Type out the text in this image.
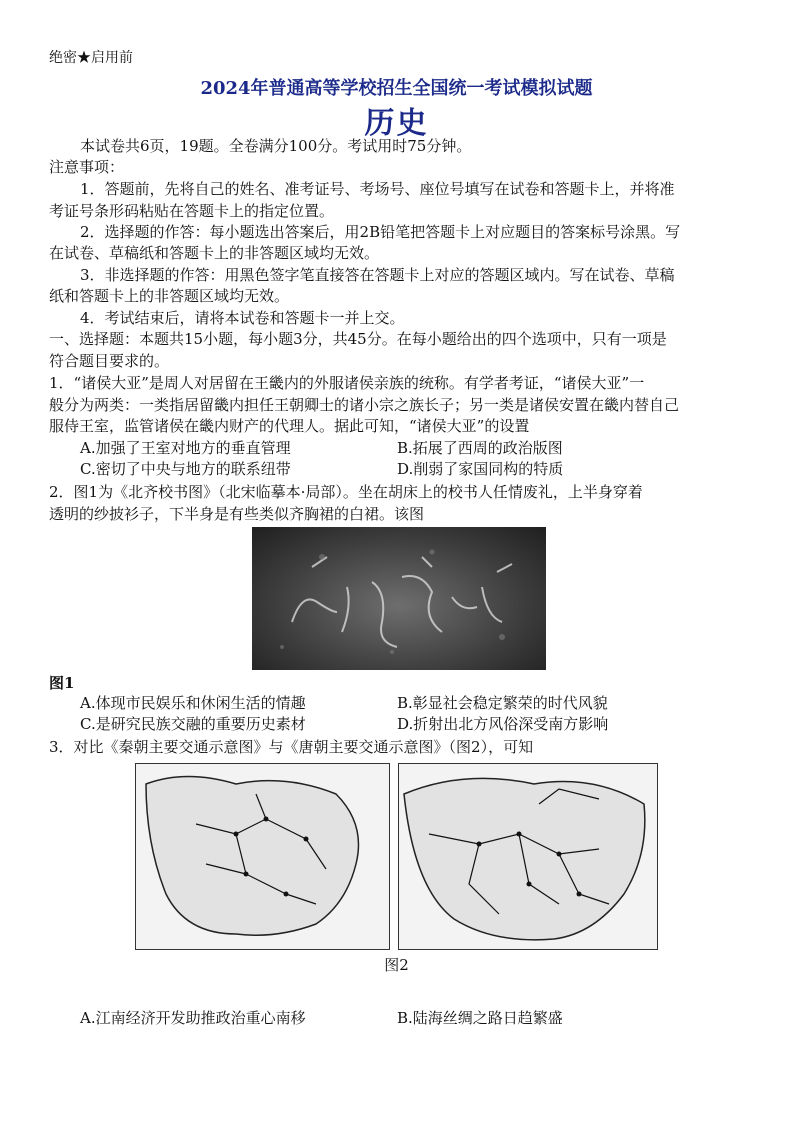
绝密★启用前
2024年普通高等学校招生全国统一考试模拟试题
历史
本试卷共6页，19题。全卷满分100分。考试用时75分钟。
注意事项：
1．答题前，先将自己的姓名、准考证号、考场号、座位号填写在试卷和答题卡上，并将准
考证号条形码粘贴在答题卡上的指定位置。
2．选择题的作答：每小题选出答案后，用2B铅笔把答题卡上对应题目的答案标号涂黑。写
在试卷、草稿纸和答题卡上的非答题区域均无效。
3．非选择题的作答：用黑色签字笔直接答在答题卡上对应的答题区域内。写在试卷、草稿
纸和答题卡上的非答题区域均无效。
4．考试结束后，请将本试卷和答题卡一并上交。
一、选择题：本题共15小题，每小题3分，共45分。在每小题给出的四个选项中，只有一项是
符合题目要求的。
1．“诸侯大亚”是周人对居留在王畿内的外服诸侯亲族的统称。有学者考证，“诸侯大亚”一
般分为两类：一类指居留畿内担任王朝卿士的诸小宗之族长子；另一类是诸侯安置在畿内替自己
服侍王室，监管诸侯在畿内财产的代理人。据此可知，“诸侯大亚”的设置
A.加强了王室对地方的垂直管理	B.拓展了西周的政治版图
C.密切了中央与地方的联系纽带	D.削弱了家国同构的特质
2．图1为《北齐校书图》（北宋临摹本·局部）。坐在胡床上的校书人任情废礼，上半身穿着
透明的纱披衫子，下半身是有些类似齐胸裙的白裙。该图
图1
A.体现市民娱乐和休闲生活的情趣	B.彰显社会稳定繁荣的时代风貌
C.是研究民族交融的重要历史素材	D.折射出北方风俗深受南方影响
3．对比《秦朝主要交通示意图》与《唐朝主要交通示意图》（图2），可知
图2
A.江南经济开发助推政治重心南移	B.陆海丝绸之路日趋繁盛
